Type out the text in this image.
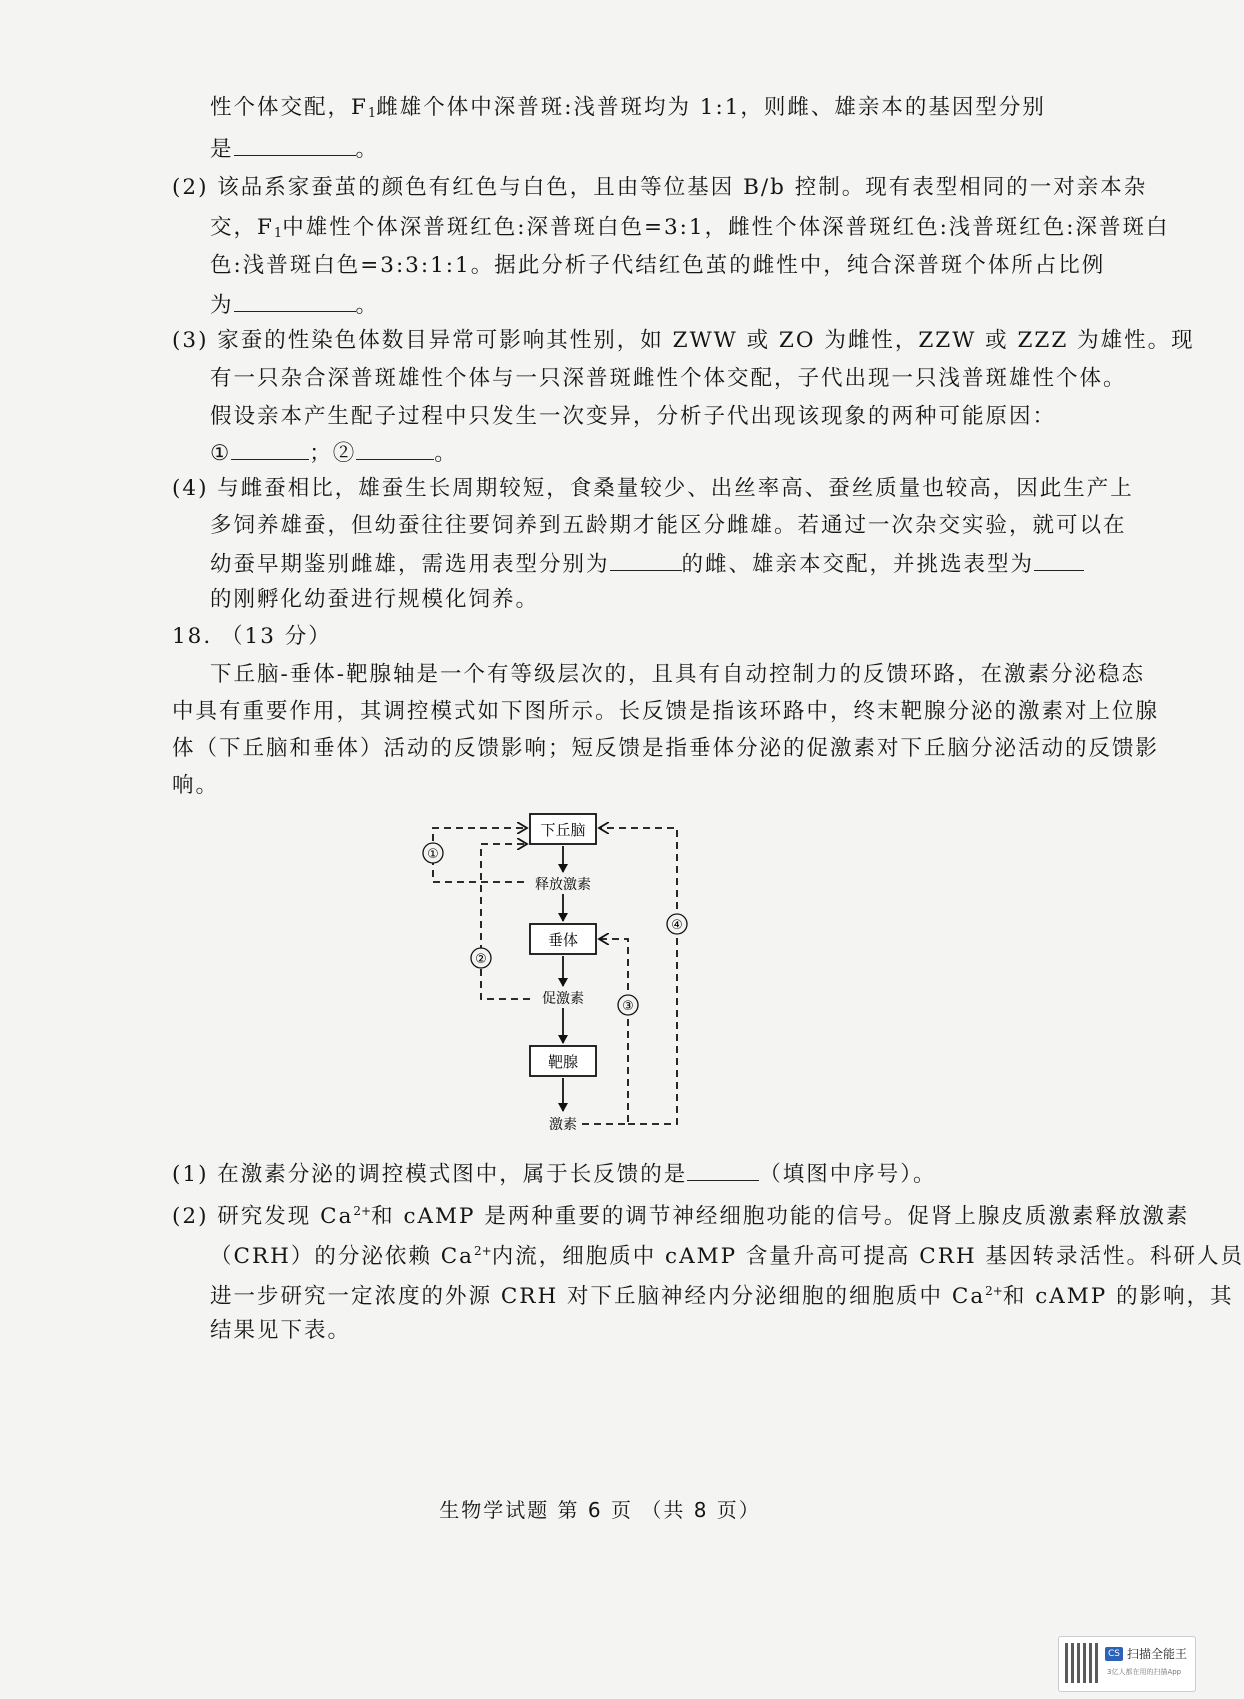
性个体交配，$F_1$雌雄个体中深普斑:浅普斑均为 1:1，则雌、雄亲本的基因型分别
是	。
(2) 该品系家蚕茧的颜色有红色与白色，且由等位基因 B/b 控制。现有表型相同的一对亲本杂
交，$F_1$中雄性个体深普斑红色:深普斑白色=3:1，雌性个体深普斑红色:浅普斑红色:深普斑白
色:浅普斑白色=3:3:1:1。据此分析子代结红色茧的雌性中，纯合深普斑个体所占比例
为	。
(3) 家蚕的性染色体数目异常可影响其性别，如 ZWW 或 ZO 为雌性，ZZW 或 ZZZ 为雄性。现
有一只杂合深普斑雄性个体与一只深普斑雌性个体交配，子代出现一只浅普斑雄性个体。
假设亲本产生配子过程中只发生一次变异，分析子代出现该现象的两种可能原因：
①	；②	。
(4) 与雌蚕相比，雄蚕生长周期较短，食桑量较少、出丝率高、蚕丝质量也较高，因此生产上
多饲养雄蚕，但幼蚕往往要饲养到五龄期才能区分雌雄。若通过一次杂交实验，就可以在
幼蚕早期鉴别雌雄，需选用表型分别为	的雌、雄亲本交配，并挑选表型为
的刚孵化幼蚕进行规模化饲养。
18. （13 分）
下丘脑-垂体-靶腺轴是一个有等级层次的，且具有自动控制力的反馈环路，在激素分泌稳态
中具有重要作用，其调控模式如下图所示。长反馈是指该环路中，终末靶腺分泌的激素对上位腺
体（下丘脑和垂体）活动的反馈影响；短反馈是指垂体分泌的促激素对下丘脑分泌活动的反馈影
响。
下丘脑
垂体
靶腺
释放激素
促激素
激素
①
②
③
④
(1) 在激素分泌的调控模式图中，属于长反馈的是	（填图中序号）。
(2) 研究发现 $Ca^{2+}$和 cAMP 是两种重要的调节神经细胞功能的信号。促肾上腺皮质激素释放激素
（CRH）的分泌依赖 $Ca^{2+}$内流，细胞质中 cAMP 含量升高可提高 CRH 基因转录活性。科研人员
进一步研究一定浓度的外源 CRH 对下丘脑神经内分泌细胞的细胞质中 $Ca^{2+}$和 cAMP 的影响，其
结果见下表。
生物学试题 第 6 页 （共 8 页）
CS 扫描全能王
3亿人都在用的扫描App
